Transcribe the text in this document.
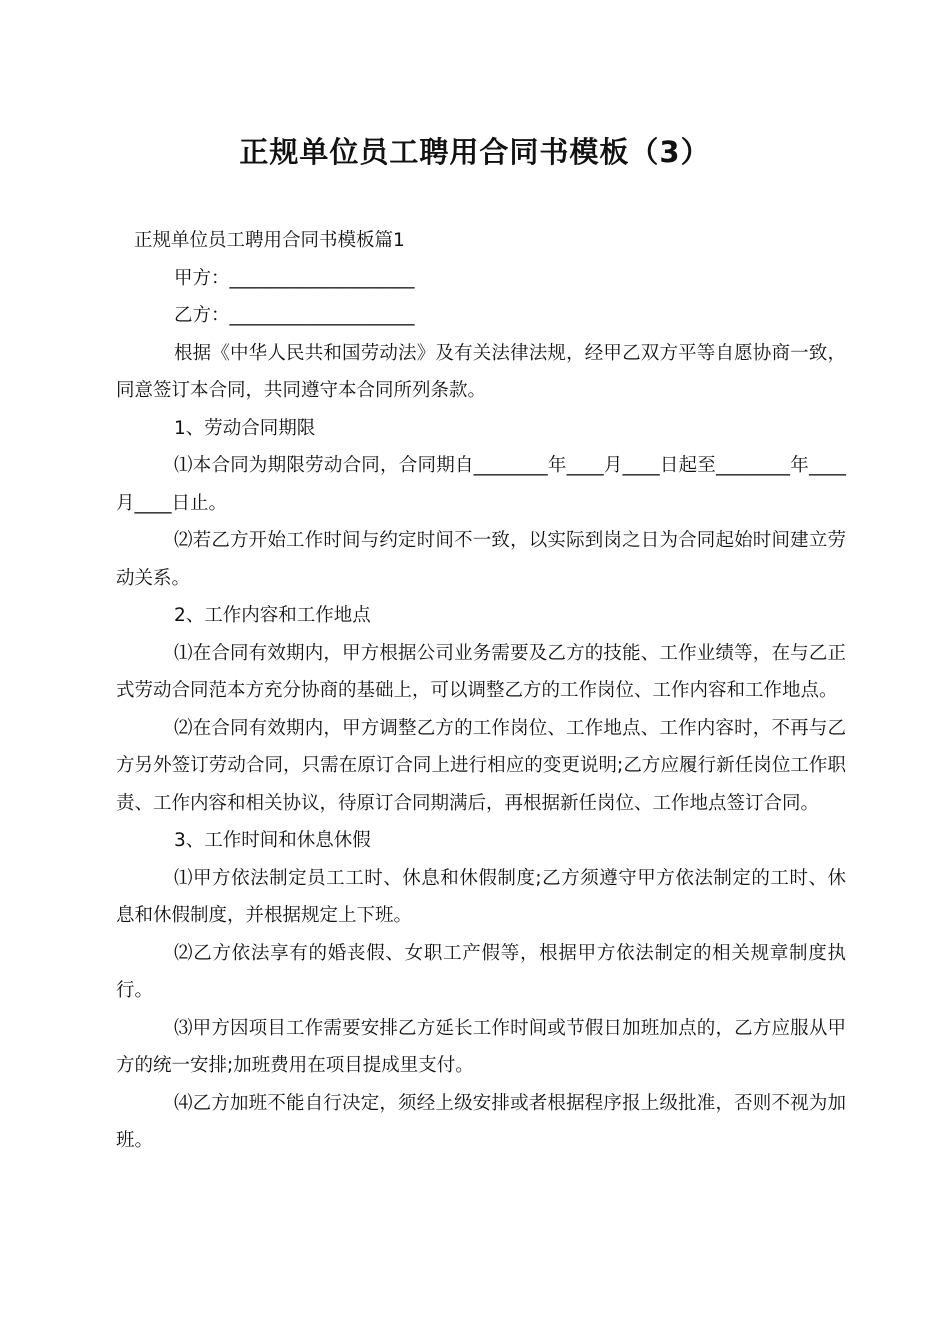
正规单位员工聘用合同书模板（3）

正规单位员工聘用合同书模板篇1

甲方：____________________

乙方：____________________

根据《中华人民共和国劳动法》及有关法律法规，经甲乙双方平等自愿协商一致，同意签订本合同，共同遵守本合同所列条款。

1、劳动合同期限

⑴本合同为期限劳动合同，合同期自________年____月____日起至________年____月____日止。

⑵若乙方开始工作时间与约定时间不一致，以实际到岗之日为合同起始时间建立劳动关系。

2、工作内容和工作地点

⑴在合同有效期内，甲方根据公司业务需要及乙方的技能、工作业绩等，在与乙正式劳动合同范本方充分协商的基础上，可以调整乙方的工作岗位、工作内容和工作地点。

⑵在合同有效期内，甲方调整乙方的工作岗位、工作地点、工作内容时，不再与乙方另外签订劳动合同，只需在原订合同上进行相应的变更说明;乙方应履行新任岗位工作职责、工作内容和相关协议，待原订合同期满后，再根据新任岗位、工作地点签订合同。

3、工作时间和休息休假

⑴甲方依法制定员工工时、休息和休假制度;乙方须遵守甲方依法制定的工时、休息和休假制度，并根据规定上下班。

⑵乙方依法享有的婚丧假、女职工产假等，根据甲方依法制定的相关规章制度执行。

⑶甲方因项目工作需要安排乙方延长工作时间或节假日加班加点的，乙方应服从甲方的统一安排;加班费用在项目提成里支付。

⑷乙方加班不能自行决定，须经上级安排或者根据程序报上级批准，否则不视为加班。
